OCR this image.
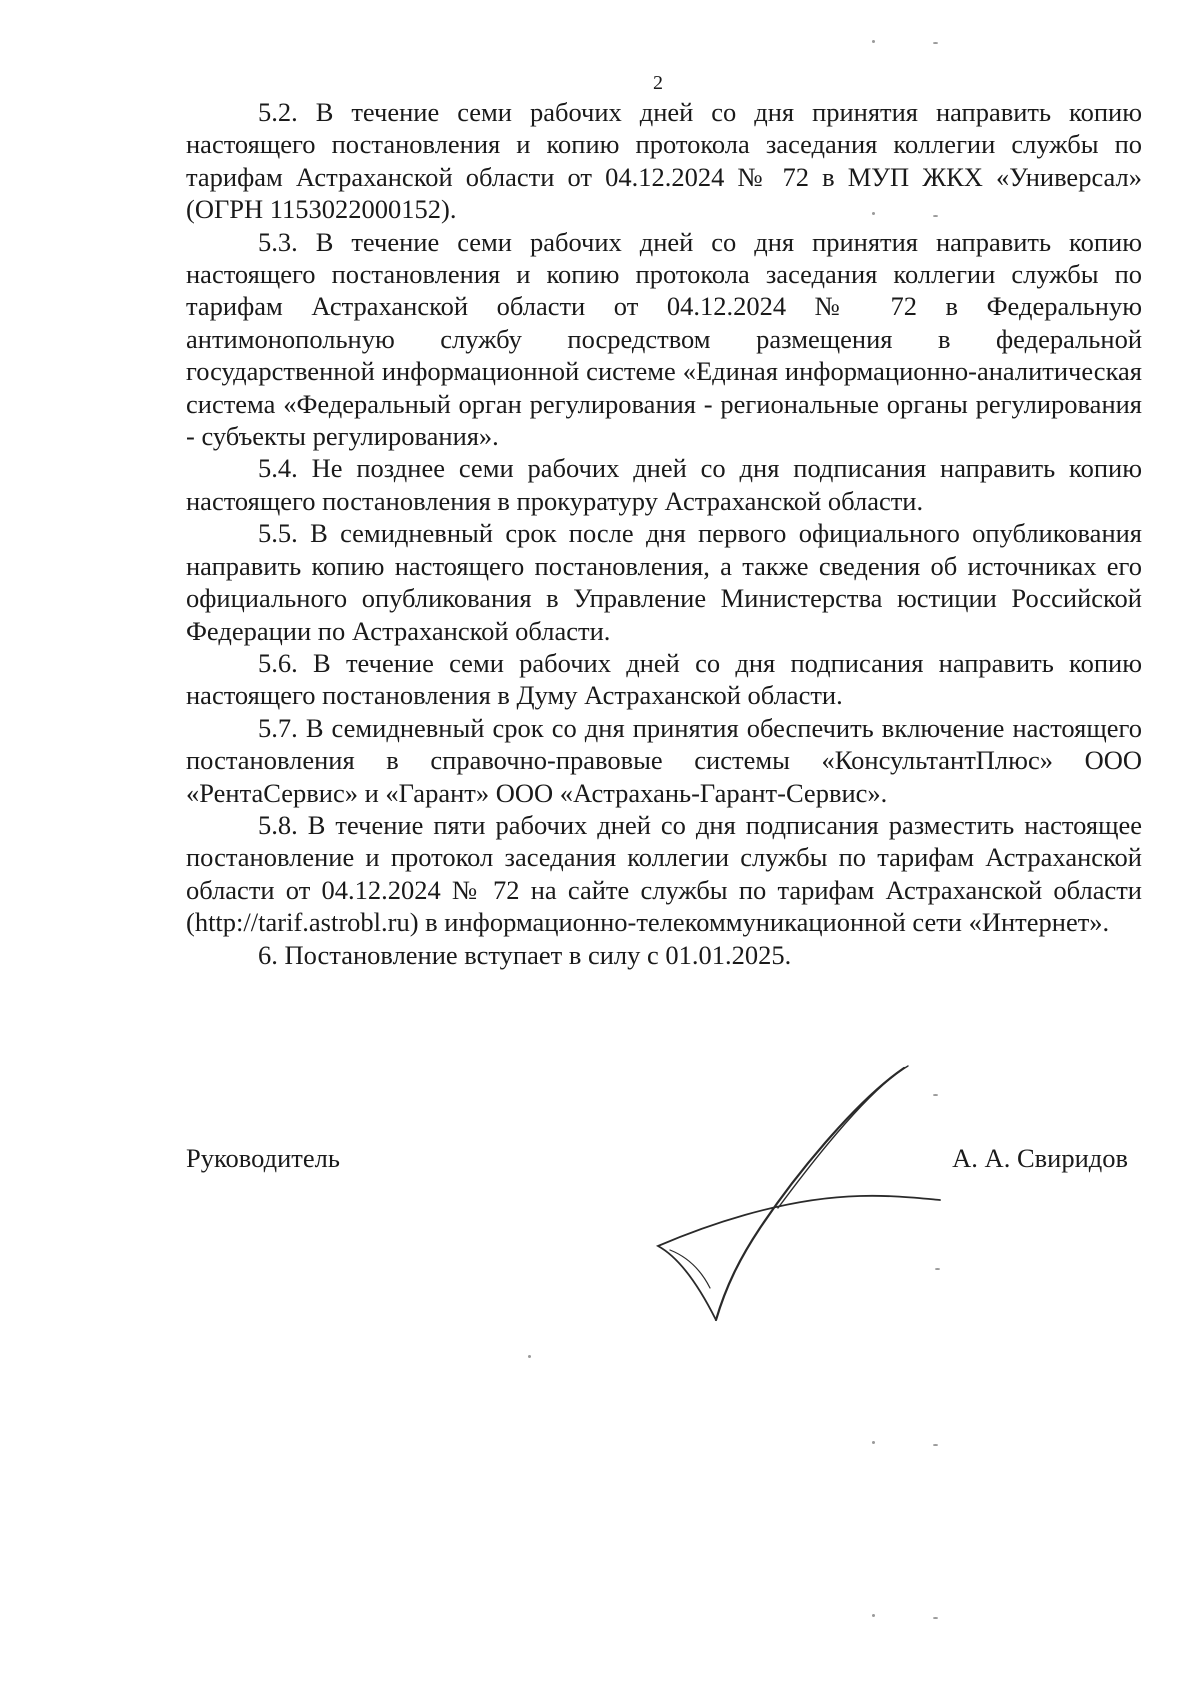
2

5.2. В течение семи рабочих дней со дня принятия направить копию настоящего постановления и копию протокола заседания коллегии службы по тарифам Астраханской области от 04.12.2024 № 72 в МУП ЖКХ «Универсал» (ОГРН 1153022000152).

5.3. В течение семи рабочих дней со дня принятия направить копию настоящего постановления и копию протокола заседания коллегии службы по тарифам Астраханской области от 04.12.2024 № 72 в Федеральную антимонопольную службу посредством размещения в федеральной государственной информационной системе «Единая информационно-аналитическая система «Федеральный орган регулирования - региональные органы регулирования - субъекты регулирования».

5.4. Не позднее семи рабочих дней со дня подписания направить копию настоящего постановления в прокуратуру Астраханской области.

5.5. В семидневный срок после дня первого официального опубликования направить копию настоящего постановления, а также сведения об источниках его официального опубликования в Управление Министерства юстиции Российской Федерации по Астраханской области.

5.6. В течение семи рабочих дней со дня подписания направить копию настоящего постановления в Думу Астраханской области.

5.7. В семидневный срок со дня принятия обеспечить включение настоящего постановления в справочно-правовые системы «КонсультантПлюс» ООО «РентаСервис» и «Гарант» ООО «Астрахань-Гарант-Сервис».

5.8. В течение пяти рабочих дней со дня подписания разместить настоящее постановление и протокол заседания коллегии службы по тарифам Астраханской области от 04.12.2024 № 72 на сайте службы по тарифам Астраханской области (http://tarif.astrobl.ru) в информационно-телекоммуникационной сети «Интернет».

6. Постановление вступает в силу с 01.01.2025.

Руководитель	А. А. Свиридов
